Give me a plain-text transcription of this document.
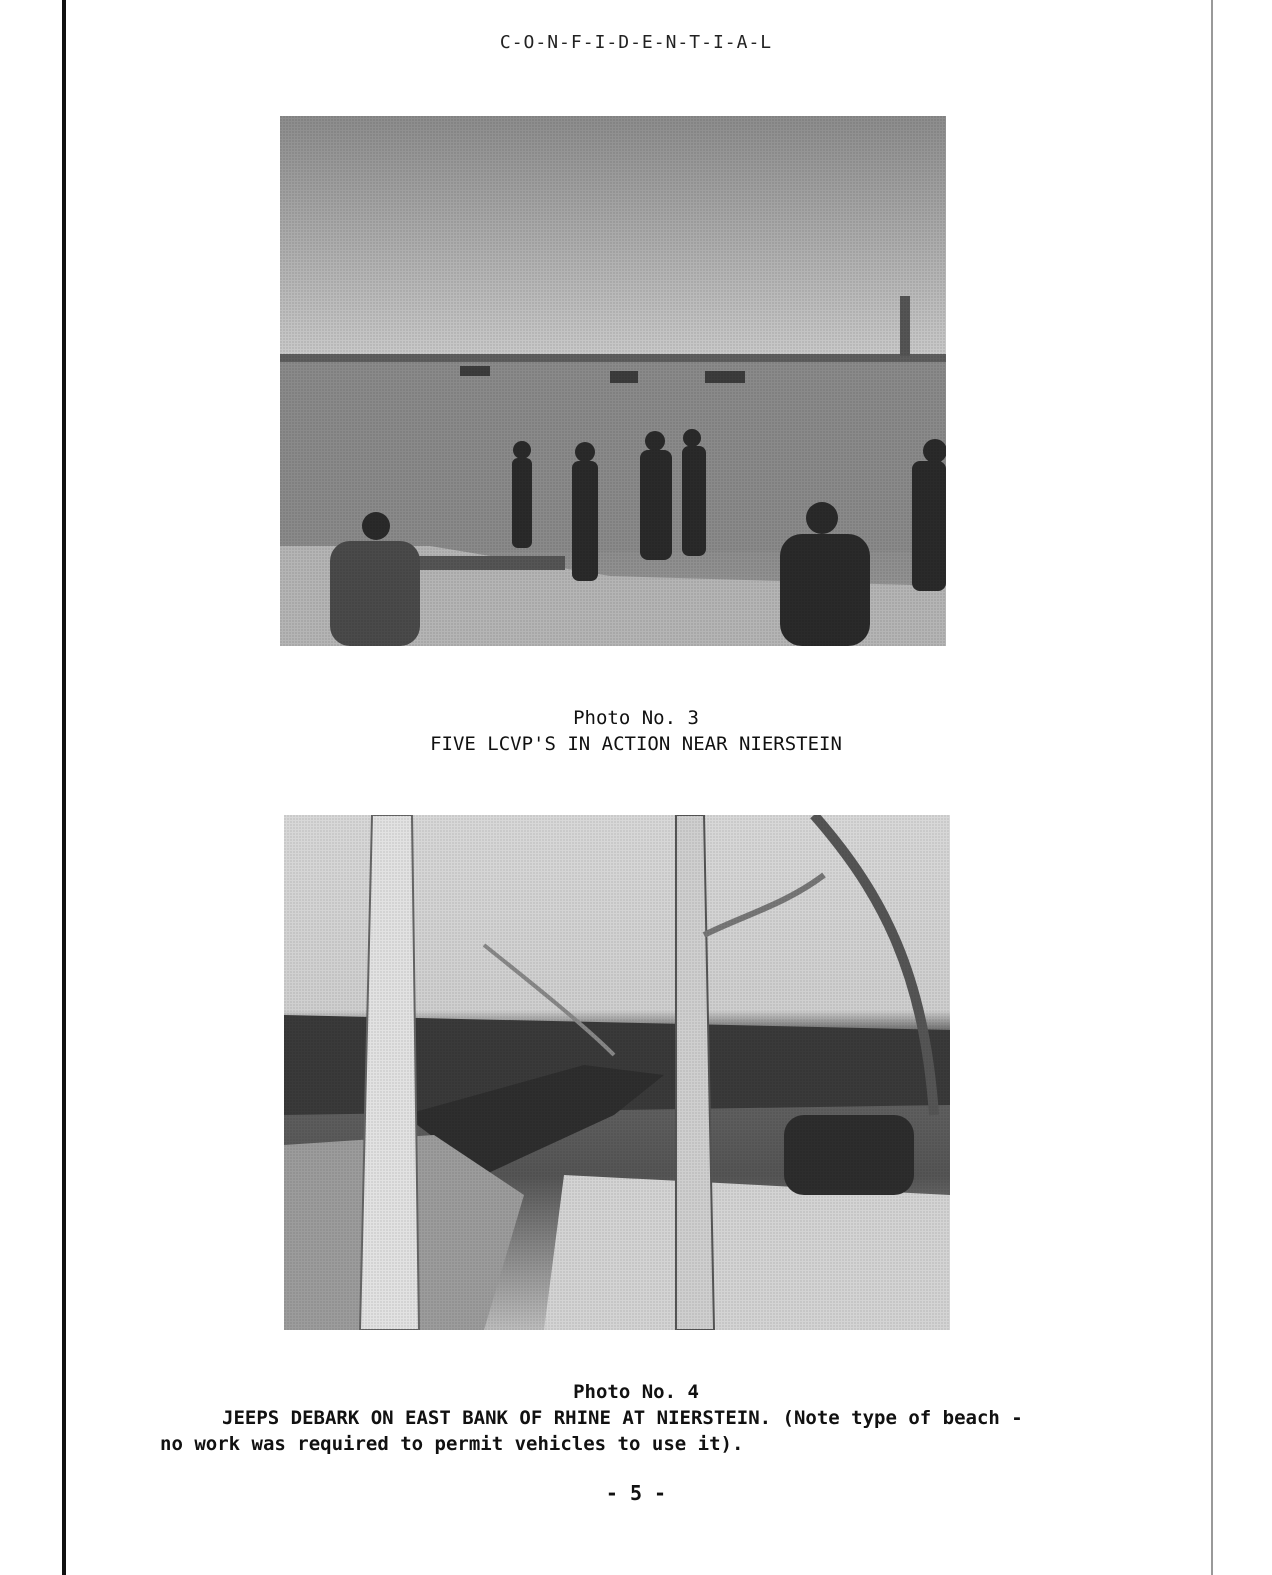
C-O-N-F-I-D-E-N-T-I-A-L
Photo No. 3
FIVE LCVP'S IN ACTION NEAR NIERSTEIN
Photo No. 4
JEEPS DEBARK ON EAST BANK OF RHINE AT NIERSTEIN. (Note type of beach -
no work was required to permit vehicles to use it).
- 5 -
